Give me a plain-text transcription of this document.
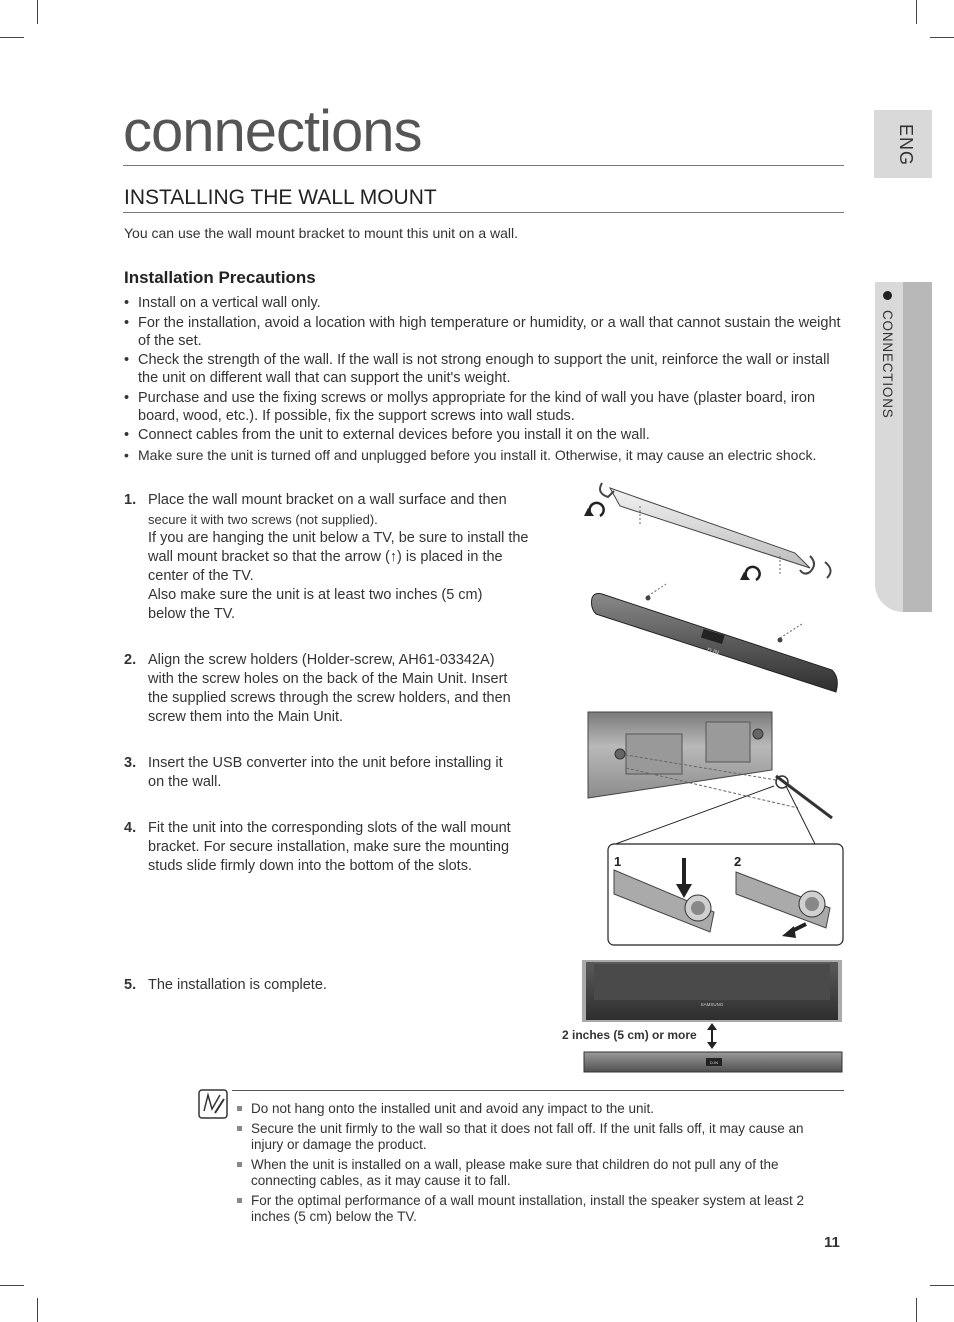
ENG
CONNECTIONS
connections
INSTALLING THE WALL MOUNT
You can use the wall mount bracket to mount this unit on a wall.
Installation Precautions
• Install on a vertical wall only.
• For the installation, avoid a location with high temperature or humidity, or a wall that cannot sustain the weight of the set.
• Check the strength of the wall. If the wall is not strong enough to support the unit, reinforce the wall or install the unit on different wall that can support the unit's weight.
• Purchase and use the fixing screws or mollys appropriate for the kind of wall you have (plaster board, iron board, wood, etc.). If possible, fix the support screws into wall studs.
• Connect cables from the unit to external devices before you install it on the wall.
• Make sure the unit is turned off and unplugged before you install it. Otherwise, it may cause an electric shock.
1. Place the wall mount bracket on a wall surface and then
secure it with two screws (not supplied).
If you are hanging the unit below a TV, be sure to install the
wall mount bracket so that the arrow (↑) is placed in the
center of the TV.
Also make sure the unit is at least two inches (5 cm)
below the TV.
2. Align the screw holders (Holder-screw, AH61-03342A)
with the screw holes on the back of the Main Unit. Insert
the supplied screws through the screw holders, and then
screw them into the Main Unit.
3. Insert the USB converter into the unit before installing it
on the wall.
4. Fit the unit into the corresponding slots of the wall mount
bracket. For secure installation, make sure the mounting
studs slide firmly down into the bottom of the slots.
5. The installation is complete.
D.IN
1	2
SAMSUNG
D.IN
2 inches (5 cm) or more
Do not hang onto the installed unit and avoid any impact to the unit.
Secure the unit firmly to the wall so that it does not fall off. If the unit falls off, it may cause an injury or damage the product.
When the unit is installed on a wall, please make sure that children do not pull any of the connecting cables, as it may cause it to fall.
For the optimal performance of a wall mount installation, install the speaker system at least 2 inches (5 cm) below the TV.
11
